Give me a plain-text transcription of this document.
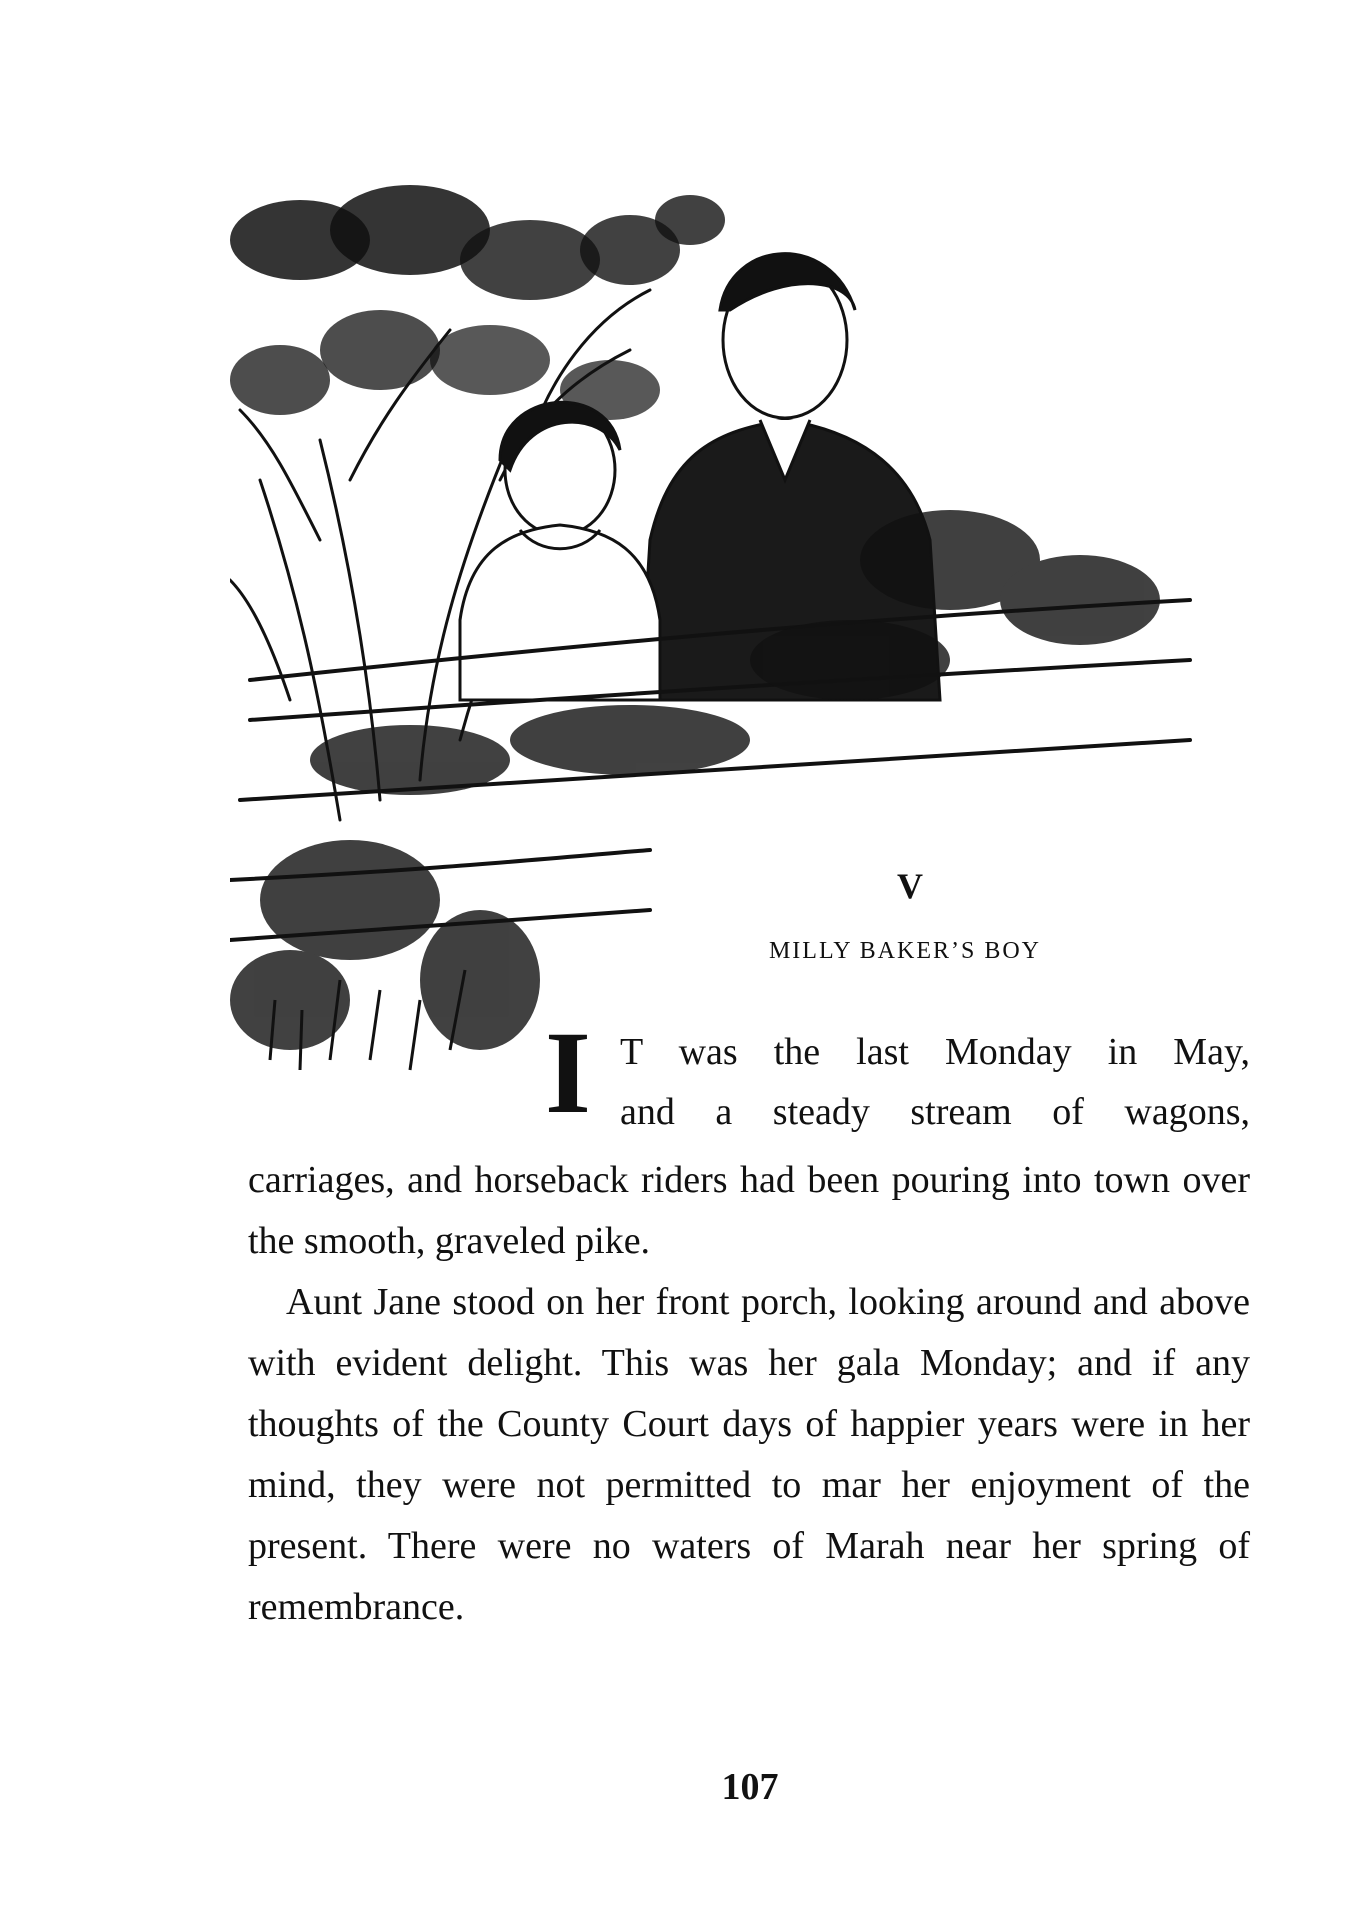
V
MILLY BAKER’S BOY
I T was the last Monday in May,
and a steady stream of wagons,

carriages, and horseback riders had been pouring into town over the smooth, graveled pike.

Aunt Jane stood on her front porch, looking around and above with evident delight. This was her gala Monday; and if any thoughts of the County Court days of happier years were in her mind, they were not permitted to mar her enjoyment of the present. There were no waters of Marah near her spring of remembrance.

107
